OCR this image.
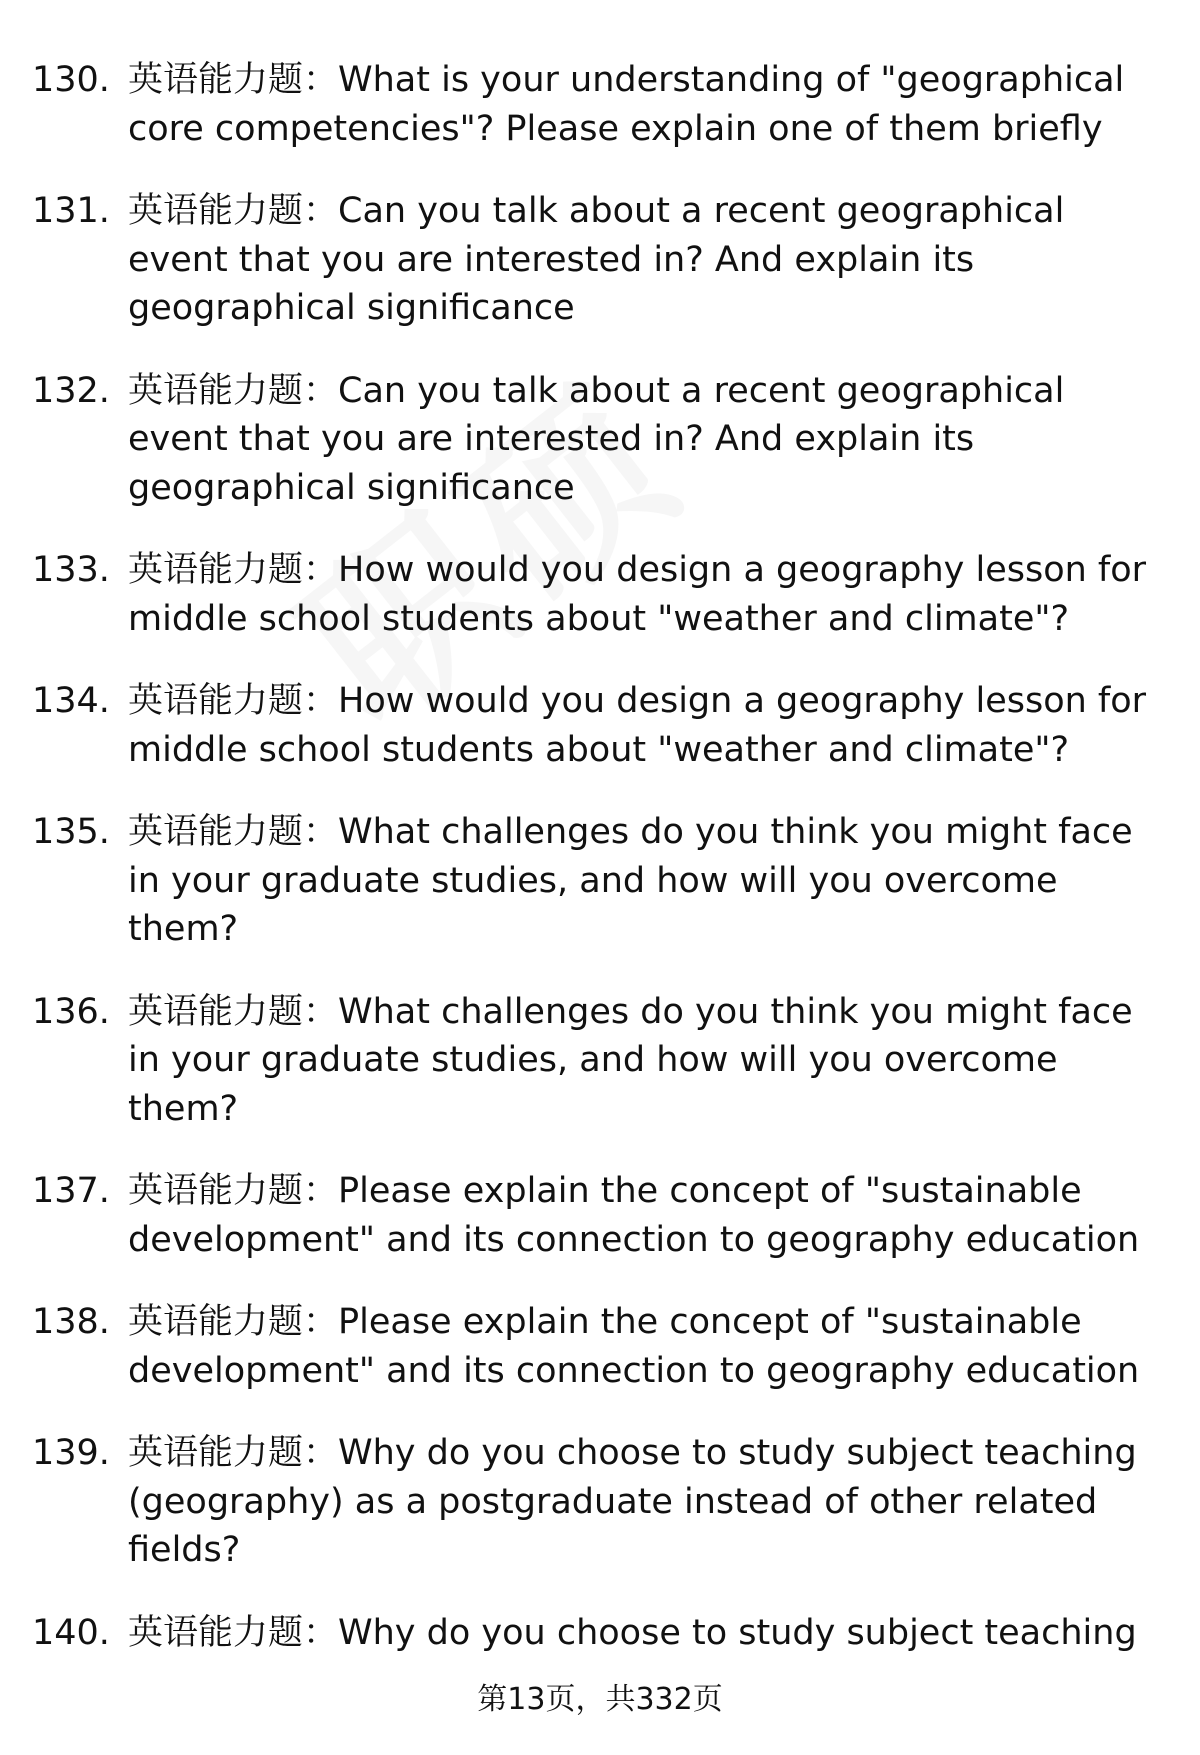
130. 英语能力题：What is your understanding of "geographical core competencies"? Please explain one of them briefly
131. 英语能力题：Can you talk about a recent geographical event that you are interested in? And explain its geographical significance
132. 英语能力题：Can you talk about a recent geographical event that you are interested in? And explain its geographical significance
133. 英语能力题：How would you design a geography lesson for middle school students about "weather and climate"?
134. 英语能力题：How would you design a geography lesson for middle school students about "weather and climate"?
135. 英语能力题：What challenges do you think you might face in your graduate studies, and how will you overcome them?
136. 英语能力题：What challenges do you think you might face in your graduate studies, and how will you overcome them?
137. 英语能力题：Please explain the concept of "sustainable development" and its connection to geography education
138. 英语能力题：Please explain the concept of "sustainable development" and its connection to geography education
139. 英语能力题：Why do you choose to study subject teaching (geography) as a postgraduate instead of other related fields?
140. 英语能力题：Why do you choose to study subject teaching
第13页，共332页
